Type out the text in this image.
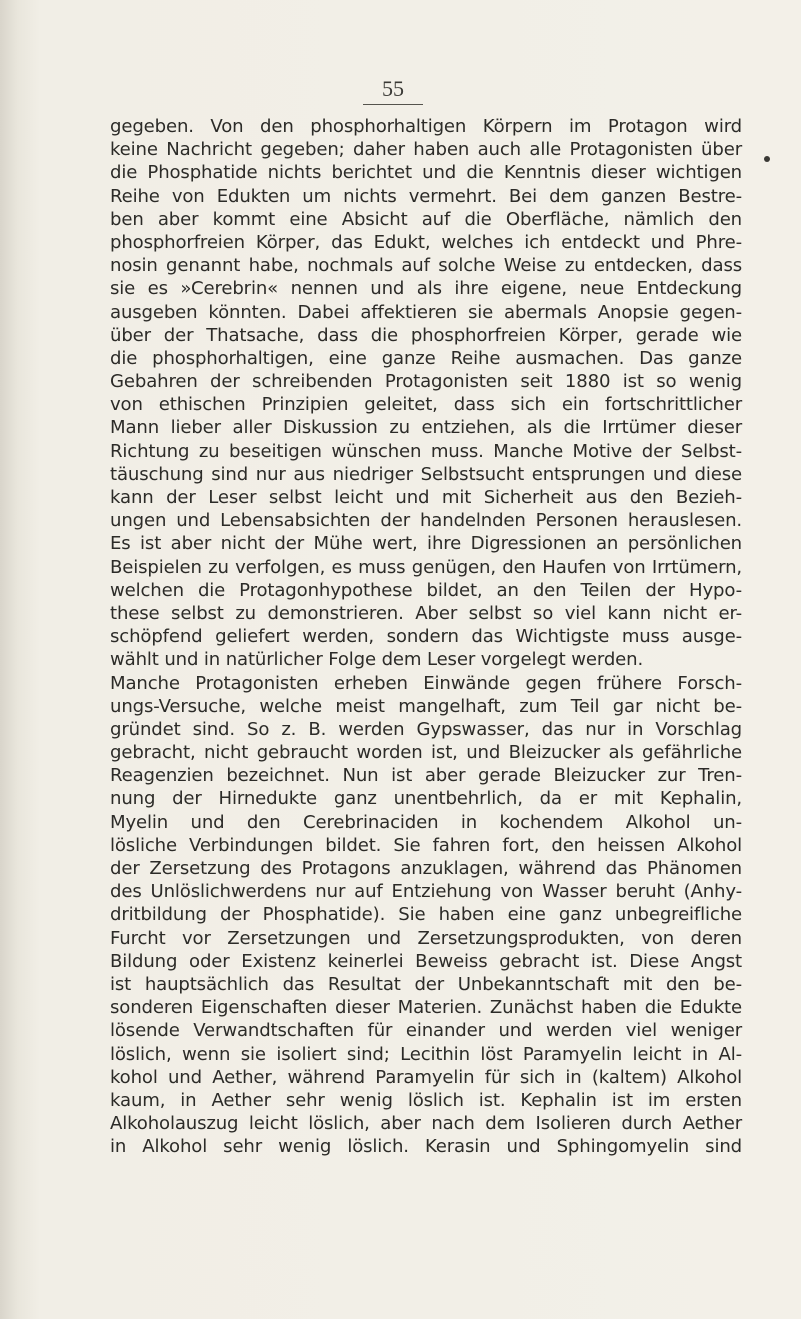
55
gegeben. Von den phosphorhaltigen Körpern im Protagon wird
keine Nachricht gegeben; daher haben auch alle Protagonisten über
die Phosphatide nichts berichtet und die Kenntnis dieser wichtigen
Reihe von Edukten um nichts vermehrt. Bei dem ganzen Bestre-
ben aber kommt eine Absicht auf die Oberfläche, nämlich den
phosphorfreien Körper, das Edukt, welches ich entdeckt und Phre-
nosin genannt habe, nochmals auf solche Weise zu entdecken, dass
sie es »Cerebrin« nennen und als ihre eigene, neue Entdeckung
ausgeben könnten. Dabei affektieren sie abermals Anopsie gegen-
über der Thatsache, dass die phosphorfreien Körper, gerade wie
die phosphorhaltigen, eine ganze Reihe ausmachen. Das ganze
Gebahren der schreibenden Protagonisten seit 1880 ist so wenig
von ethischen Prinzipien geleitet, dass sich ein fortschrittlicher
Mann lieber aller Diskussion zu entziehen, als die Irrtümer dieser
Richtung zu beseitigen wünschen muss. Manche Motive der Selbst-
täuschung sind nur aus niedriger Selbstsucht entsprungen und diese
kann der Leser selbst leicht und mit Sicherheit aus den Bezieh-
ungen und Lebensabsichten der handelnden Personen herauslesen.
Es ist aber nicht der Mühe wert, ihre Digressionen an persönlichen
Beispielen zu verfolgen, es muss genügen, den Haufen von Irrtümern,
welchen die Protagonhypothese bildet, an den Teilen der Hypo-
these selbst zu demonstrieren. Aber selbst so viel kann nicht er-
schöpfend geliefert werden, sondern das Wichtigste muss ausge-
wählt und in natürlicher Folge dem Leser vorgelegt werden.
Manche Protagonisten erheben Einwände gegen frühere Forsch-
ungs-Versuche, welche meist mangelhaft, zum Teil gar nicht be-
gründet sind. So z. B. werden Gypswasser, das nur in Vorschlag
gebracht, nicht gebraucht worden ist, und Bleizucker als gefährliche
Reagenzien bezeichnet. Nun ist aber gerade Bleizucker zur Tren-
nung der Hirnedukte ganz unentbehrlich, da er mit Kephalin,
Myelin und den Cerebrinaciden in kochendem Alkohol un-
lösliche Verbindungen bildet. Sie fahren fort, den heissen Alkohol
der Zersetzung des Protagons anzuklagen, während das Phänomen
des Unlöslichwerdens nur auf Entziehung von Wasser beruht (Anhy-
dritbildung der Phosphatide). Sie haben eine ganz unbegreifliche
Furcht vor Zersetzungen und Zersetzungsprodukten, von deren
Bildung oder Existenz keinerlei Beweiss gebracht ist. Diese Angst
ist hauptsächlich das Resultat der Unbekanntschaft mit den be-
sonderen Eigenschaften dieser Materien. Zunächst haben die Edukte
lösende Verwandtschaften für einander und werden viel weniger
löslich, wenn sie isoliert sind; Lecithin löst Paramyelin leicht in Al-
kohol und Aether, während Paramyelin für sich in (kaltem) Alkohol
kaum, in Aether sehr wenig löslich ist. Kephalin ist im ersten
Alkoholauszug leicht löslich, aber nach dem Isolieren durch Aether
in Alkohol sehr wenig löslich. Kerasin und Sphingomyelin sind
